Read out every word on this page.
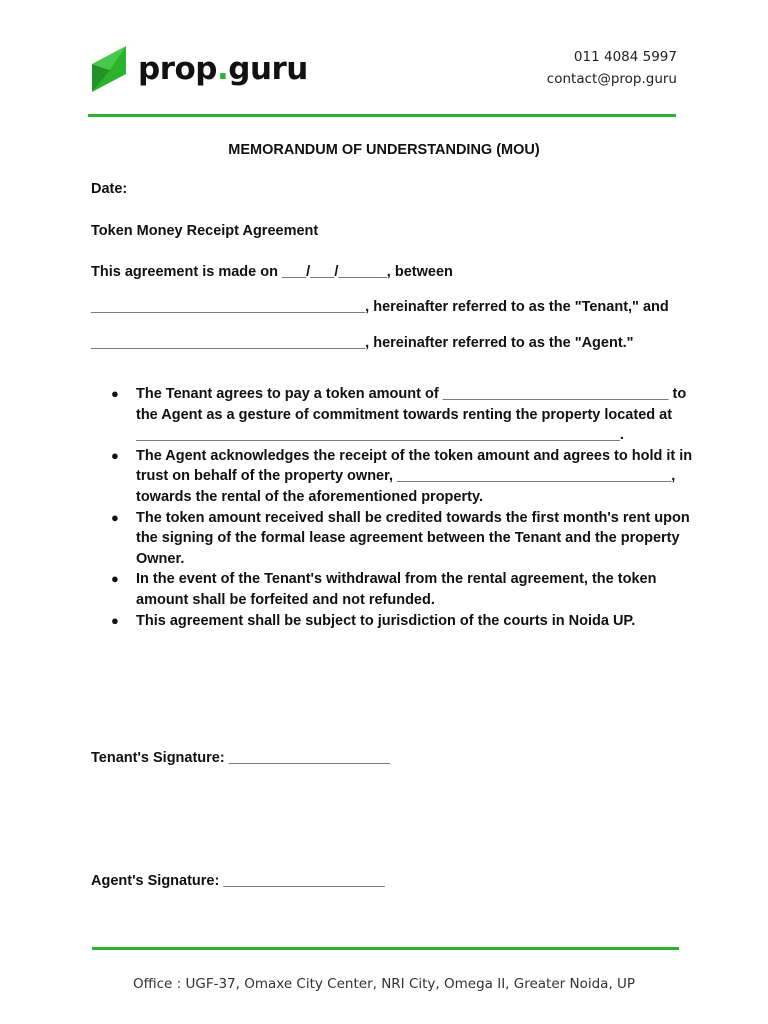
prop.guru	011 4084 5997
contact@prop.guru
MEMORANDUM OF UNDERSTANDING (MOU)
Date:
Token Money Receipt Agreement
This agreement is made on ___/___/______, between
__________________________________, hereinafter referred to as the "Tenant," and
__________________________________, hereinafter referred to as the "Agent."
● The Tenant agrees to pay a token amount of ____________________________ to the Agent as a gesture of commitment towards renting the property located at ____________________________________________________________.
● The Agent acknowledges the receipt of the token amount and agrees to hold it in trust on behalf of the property owner, __________________________________, towards the rental of the aforementioned property.
● The token amount received shall be credited towards the first month's rent upon the signing of the formal lease agreement between the Tenant and the property Owner.
● In the event of the Tenant's withdrawal from the rental agreement, the token amount shall be forfeited and not refunded.
● This agreement shall be subject to jurisdiction of the courts in Noida UP.
Tenant's Signature: ____________________
Agent's Signature: ____________________
Office : UGF-37, Omaxe City Center, NRI City, Omega II, Greater Noida, UP
